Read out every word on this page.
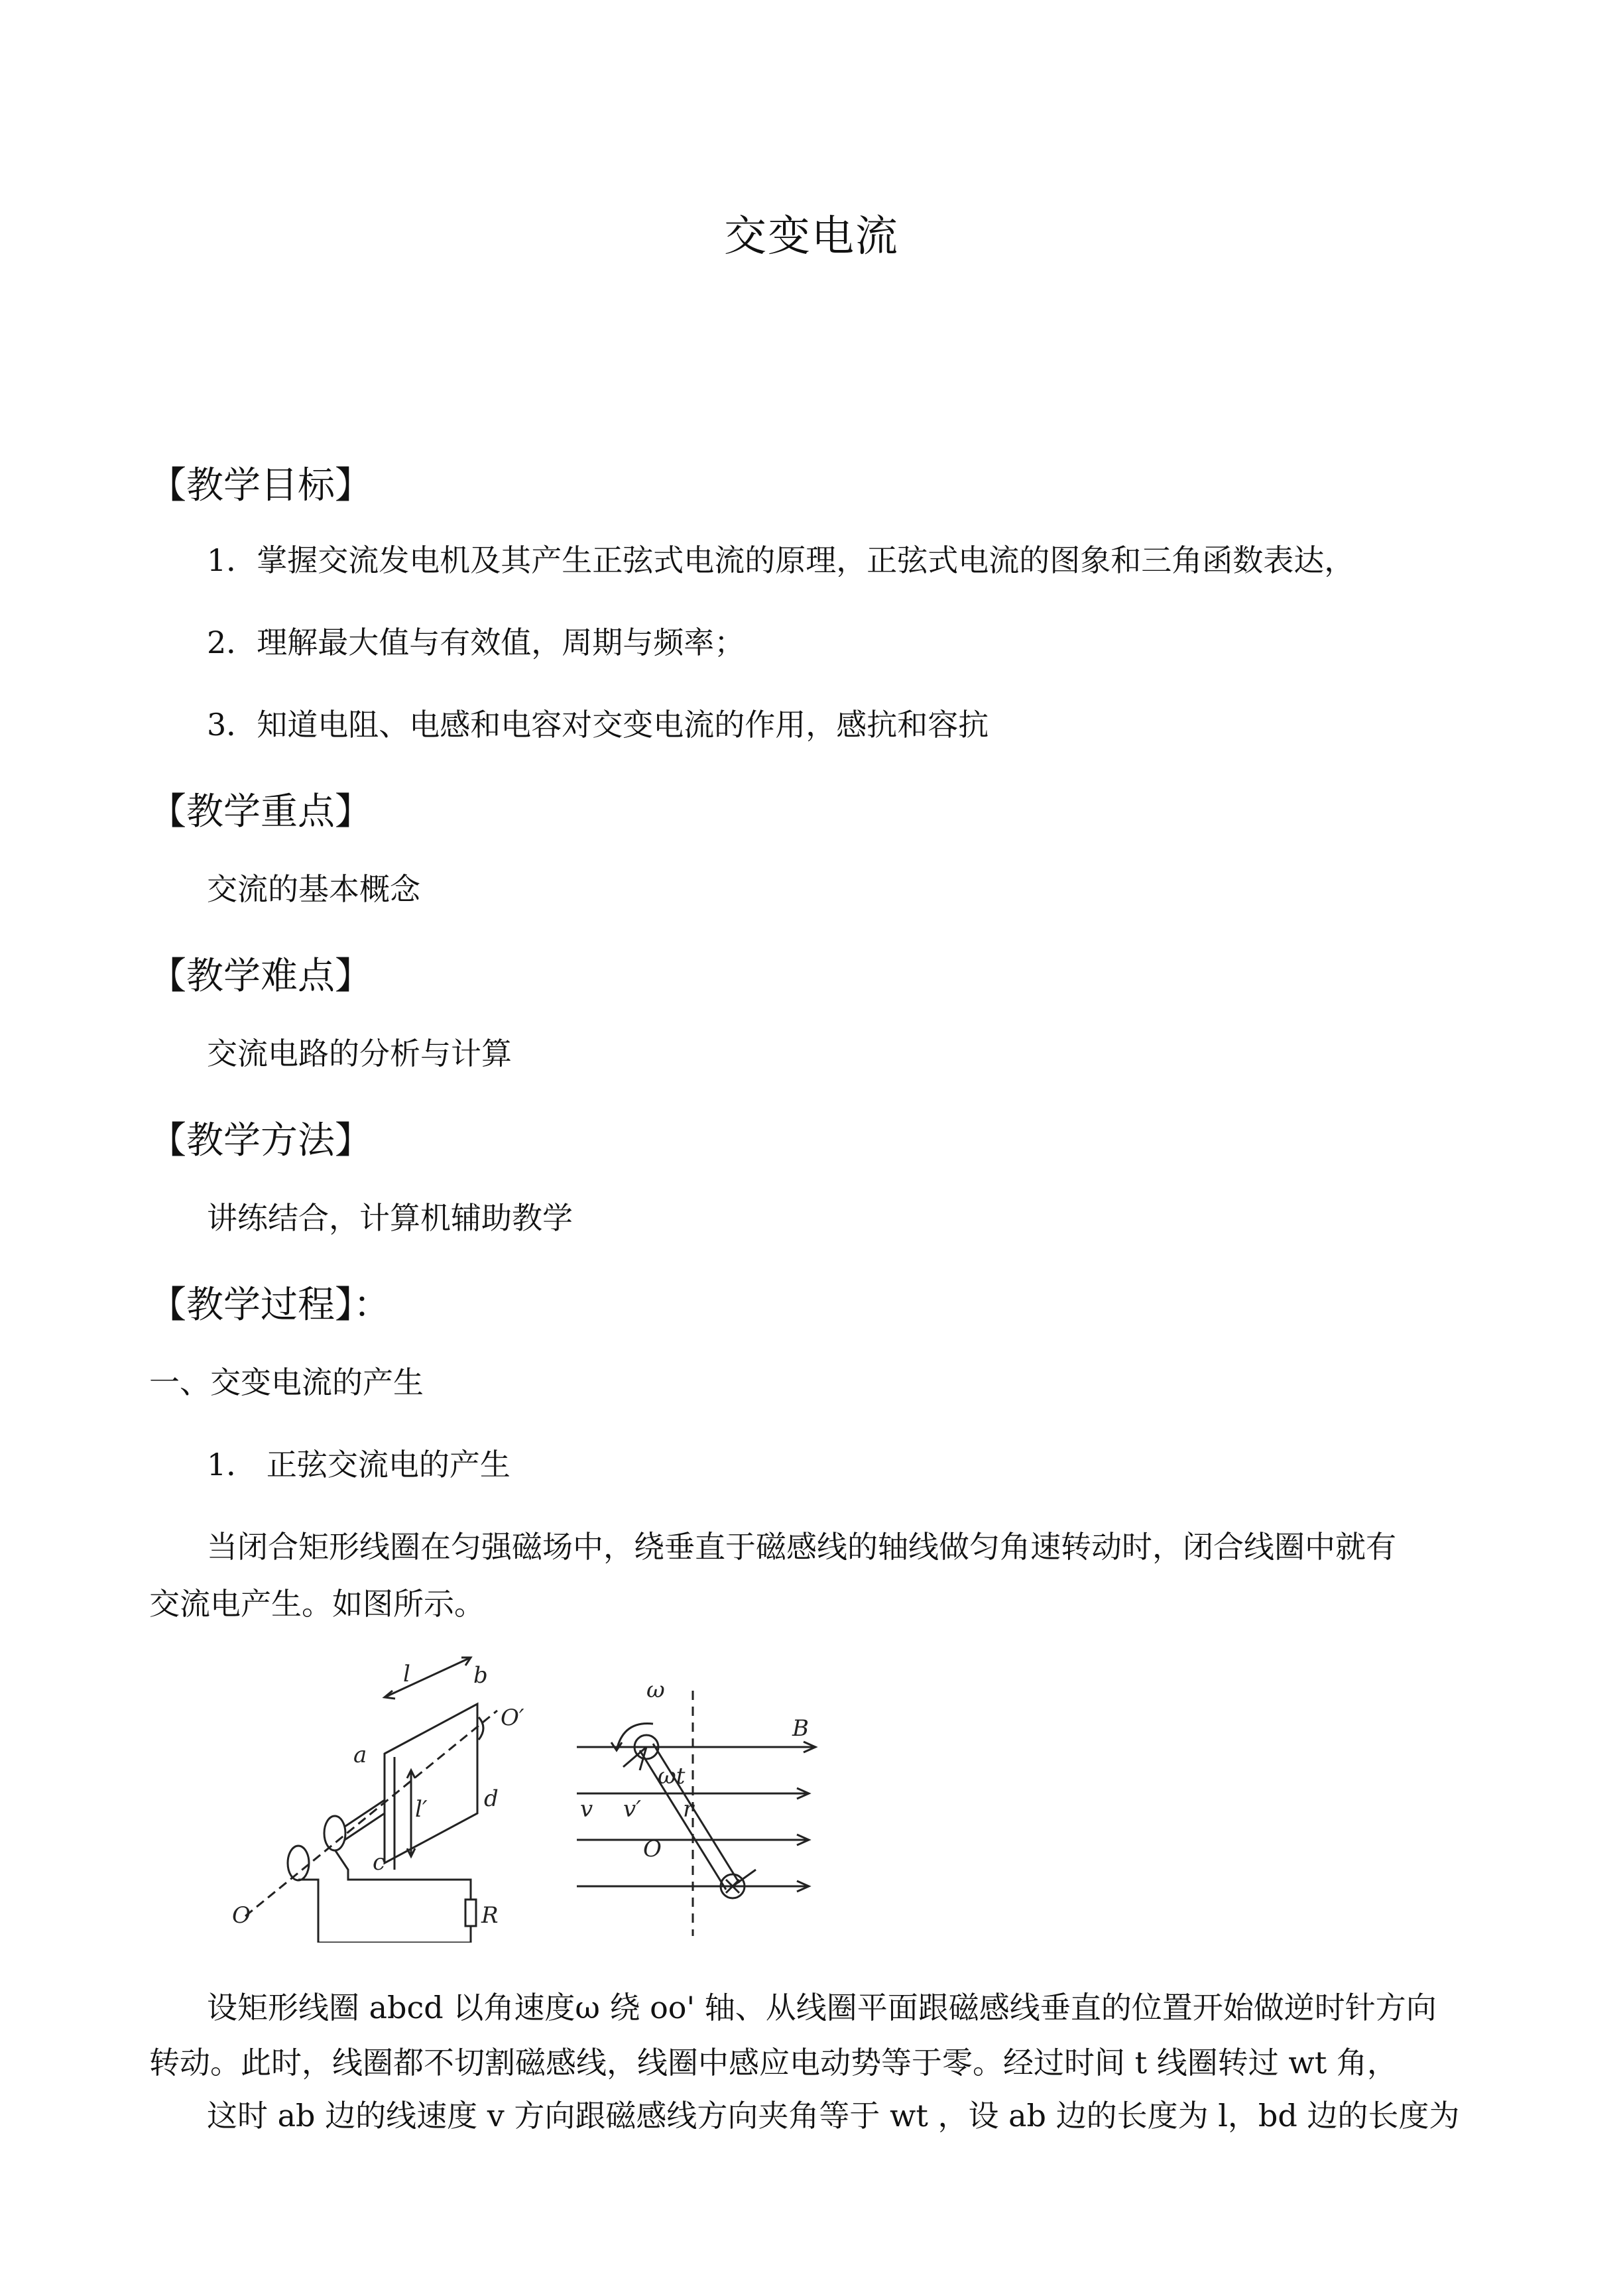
交变电流
【教学目标】
1．掌握交流发电机及其产生正弦式电流的原理，正弦式电流的图象和三角函数表达，
2．理解最大值与有效值，周期与频率；
3．知道电阻、电感和电容对交变电流的作用，感抗和容抗
【教学重点】
交流的基本概念
【教学难点】
交流电路的分析与计算
【教学方法】
讲练结合，计算机辅助教学
【教学过程】：
一、交变电流的产生
1． 正弦交流电的产生
当闭合矩形线圈在匀强磁场中，绕垂直于磁感线的轴线做匀角速转动时，闭合线圈中就有
交流电产生。如图所示。
l	b
O′
a
l′	d
c
O	R
ω
B
v v′
ωt
O
r
设矩形线圈 abcd 以角速度ω 绕 oo' 轴、从线圈平面跟磁感线垂直的位置开始做逆时针方向
转动。此时，线圈都不切割磁感线，线圈中感应电动势等于零。经过时间 t 线圈转过 wt 角，
这时 ab 边的线速度 v 方向跟磁感线方向夹角等于 wt ，设 ab 边的长度为 l，bd 边的长度为
